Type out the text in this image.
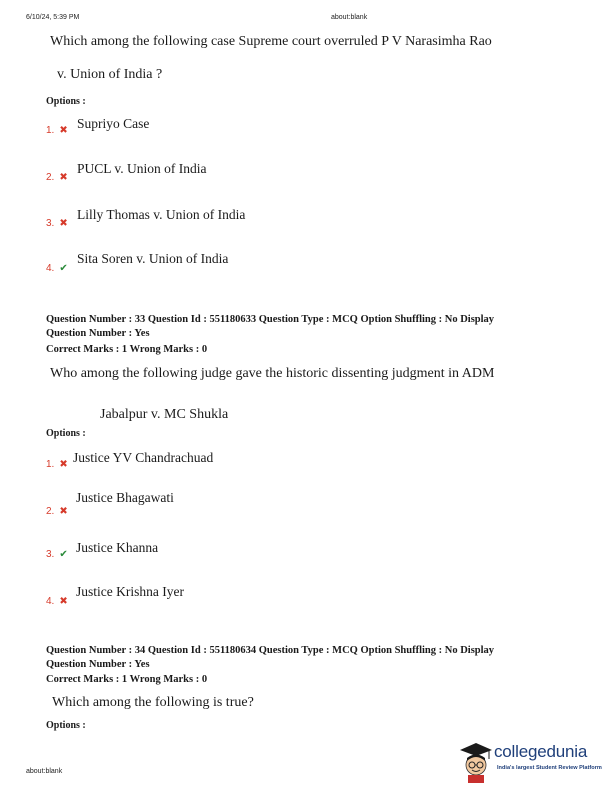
6/10/24, 5:39 PM	about:blank
Which among the following case Supreme court overruled P V Narasimha Rao
v. Union of India ?
Options :
1. ✖ Supriyo Case
2. ✖
PUCL v. Union of India
3. ✖
Lilly Thomas v. Union of India
4. ✔
Sita Soren v. Union of India
Question Number : 33 Question Id : 551180633 Question Type : MCQ Option Shuffling : No Display
Question Number : Yes
Correct Marks : 1 Wrong Marks : 0
Who among the following judge gave the historic dissenting judgment in ADM
Jabalpur v. MC Shukla
Options :
1. ✖ Justice YV Chandrachuad
2. ✖
Justice Bhagawati
3. ✔ Justice Khanna
4. ✖
Justice Krishna Iyer
Question Number : 34 Question Id : 551180634 Question Type : MCQ Option Shuffling : No Display
Question Number : Yes
Correct Marks : 1 Wrong Marks : 0
Which among the following is true?
Options :
about:blank
collegedunia
India's largest Student Review Platform
